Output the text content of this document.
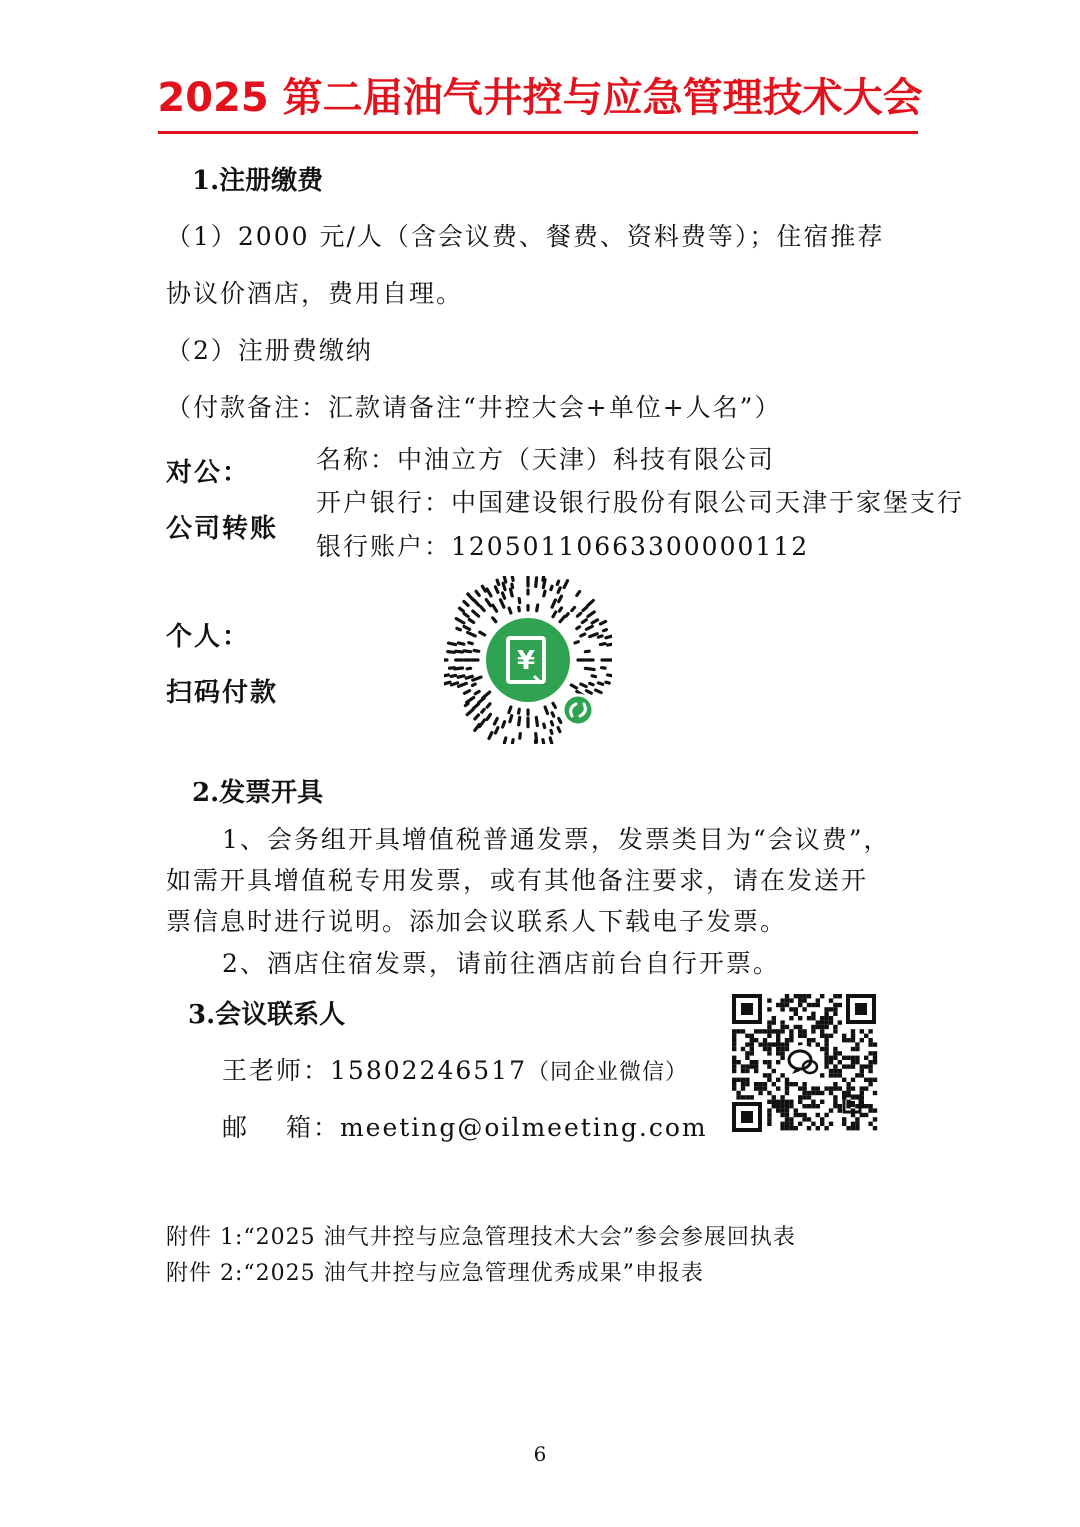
2025 第二届油气井控与应急管理技术大会
1.注册缴费
（1）2000 元/人（含会议费、餐费、资料费等）；住宿推荐
协议价酒店，费用自理。
（2）注册费缴纳
（付款备注：汇款请备注“井控大会+单位+人名”）
对公：
公司转账
名称：中油立方（天津）科技有限公司
开户银行：中国建设银行股份有限公司天津于家堡支行
银行账户：12050110663300000112
个人：
扫码付款
¥
2.发票开具
1、会务组开具增值税普通发票，发票类目为“会议费”，
如需开具增值税专用发票，或有其他备注要求，请在发送开
票信息时进行说明。添加会议联系人下载电子发票。
2、酒店住宿发票，请前往酒店前台自行开票。
3.会议联系人
王老师：15802246517（同企业微信）
邮　 箱：meeting@oilmeeting.com
附件 1:“2025 油气井控与应急管理技术大会”参会参展回执表
附件 2:“2025 油气井控与应急管理优秀成果”申报表
6
